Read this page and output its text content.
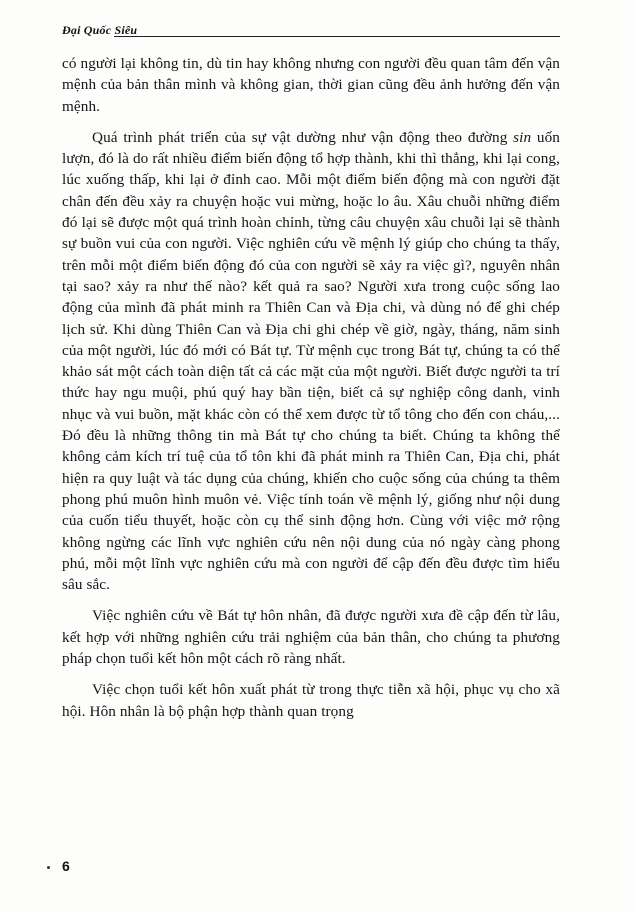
Đại Quốc Siêu

có người lại không tin, dù tin hay không nhưng con người đều quan tâm đến vận mệnh của bản thân mình và không gian, thời gian cũng đều ảnh hưởng đến vận mệnh.

Quá trình phát triển của sự vật dường như vận động theo đường sin uốn lượn, đó là do rất nhiều điểm biến động tổ hợp thành, khi thì thẳng, khi lại cong, lúc xuống thấp, khi lại ở đỉnh cao. Mỗi một điểm biến động mà con người đặt chân đến đều xảy ra chuyện hoặc vui mừng, hoặc lo âu. Xâu chuỗi những điểm đó lại sẽ được một quá trình hoàn chỉnh, từng câu chuyện xâu chuỗi lại sẽ thành sự buồn vui của con người. Việc nghiên cứu về mệnh lý giúp cho chúng ta thấy, trên mỗi một điểm biến động đó của con người sẽ xảy ra việc gì?, nguyên nhân tại sao? xảy ra như thế nào? kết quả ra sao? Người xưa trong cuộc sống lao động của mình đã phát minh ra Thiên Can và Địa chi, và dùng nó để ghi chép lịch sử. Khi dùng Thiên Can và Địa chi ghi chép về giờ, ngày, tháng, năm sinh của một người, lúc đó mới có Bát tự. Từ mệnh cục trong Bát tự, chúng ta có thể khảo sát một cách toàn diện tất cả các mặt của một người. Biết được người ta trí thức hay ngu muội, phú quý hay bần tiện, biết cả sự nghiệp công danh, vinh nhục và vui buồn, mặt khác còn có thể xem được từ tổ tông cho đến con cháu,... Đó đều là những thông tin mà Bát tự cho chúng ta biết. Chúng ta không thể không cảm kích trí tuệ của tổ tôn khi đã phát minh ra Thiên Can, Địa chi, phát hiện ra quy luật và tác dụng của chúng, khiến cho cuộc sống của chúng ta thêm phong phú muôn hình muôn vẻ. Việc tính toán về mệnh lý, giống như nội dung của cuốn tiểu thuyết, hoặc còn cụ thể sinh động hơn. Cùng với việc mở rộng không ngừng các lĩnh vực nghiên cứu nên nội dung của nó ngày càng phong phú, mỗi một lĩnh vực nghiên cứu mà con người để cập đến đều được tìm hiểu sâu sắc.

Việc nghiên cứu về Bát tự hôn nhân, đã được người xưa đề cập đến từ lâu, kết hợp với những nghiên cứu trải nghiệm của bản thân, cho chúng ta phương pháp chọn tuổi kết hôn một cách rõ ràng nhất.

Việc chọn tuổi kết hôn xuất phát từ trong thực tiễn xã hội, phục vụ cho xã hội. Hôn nhân là bộ phận hợp thành quan trọng

6
